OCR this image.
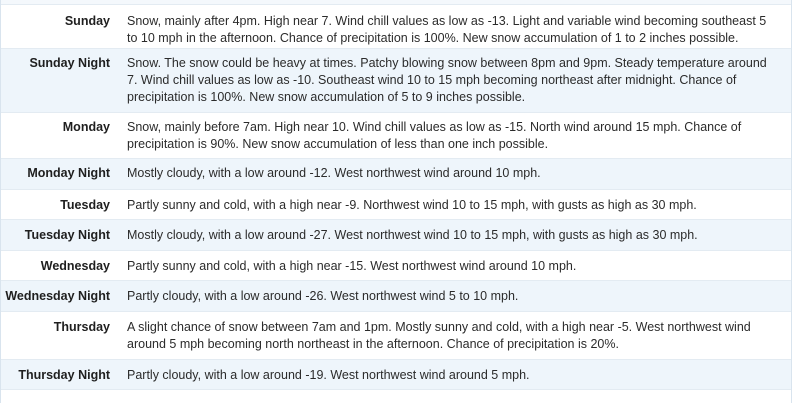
Sunday	Snow, mainly after 4pm. High near 7. Wind chill values as low as -13. Light and variable wind becoming southeast 5 to 10 mph in the afternoon. Chance of precipitation is 100%. New snow accumulation of 1 to 2 inches possible.
Sunday Night	Snow. The snow could be heavy at times. Patchy blowing snow between 8pm and 9pm. Steady temperature around 7. Wind chill values as low as -10. Southeast wind 10 to 15 mph becoming northeast after midnight. Chance of precipitation is 100%. New snow accumulation of 5 to 9 inches possible.
Monday	Snow, mainly before 7am. High near 10. Wind chill values as low as -15. North wind around 15 mph. Chance of precipitation is 90%. New snow accumulation of less than one inch possible.
Monday Night	Mostly cloudy, with a low around -12. West northwest wind around 10 mph.
Tuesday	Partly sunny and cold, with a high near -9. Northwest wind 10 to 15 mph, with gusts as high as 30 mph.
Tuesday Night	Mostly cloudy, with a low around -27. West northwest wind 10 to 15 mph, with gusts as high as 30 mph.
Wednesday	Partly sunny and cold, with a high near -15. West northwest wind around 10 mph.
Wednesday Night	Partly cloudy, with a low around -26. West northwest wind 5 to 10 mph.
Thursday	A slight chance of snow between 7am and 1pm. Mostly sunny and cold, with a high near -5. West northwest wind around 5 mph becoming north northeast in the afternoon. Chance of precipitation is 20%.
Thursday Night	Partly cloudy, with a low around -19. West northwest wind around 5 mph.
